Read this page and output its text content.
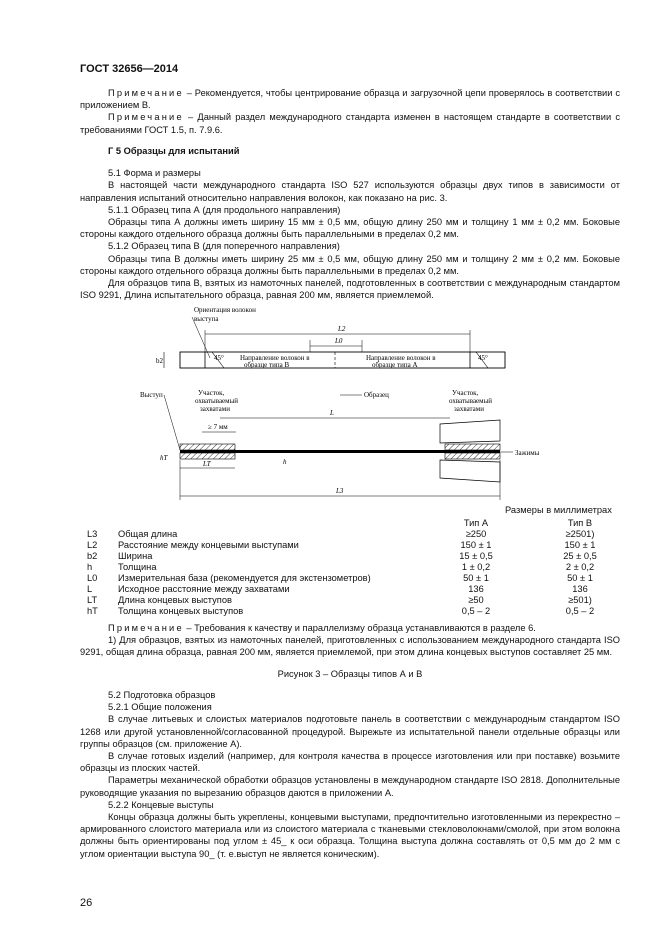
ГОСТ 32656—2014

Примечание – Рекомендуется, чтобы центрирование образца и загрузочной цепи проверялось в соответствии с приложением В.

Примечание – Данный раздел международного стандарта изменен в настоящем стандарте в соответствии с требованиями ГОСТ 1.5, п. 7.9.6.

Г 5 Образцы для испытаний

5.1 Форма и размеры

В настоящей части международного стандарта ISO 527 используются образцы двух типов в зависимости от направления испытаний относительно направления волокон, как показано на рис. 3.

5.1.1 Образец типа А (для продольного направления)

Образцы типа А должны иметь ширину 15 мм ± 0,5 мм, общую длину 250 мм и толщину 1 мм ± 0,2 мм. Боковые стороны каждого отдельного образца должны быть параллельными в пределах 0,2 мм.

5.1.2 Образец типа В (для поперечного направления)

Образцы типа В должны иметь ширину 25 мм ± 0,5 мм, общую длину 250 мм и толщину 2 мм ± 0,2 мм. Боковые стороны каждого отдельного образца должны быть параллельными в пределах 0,2 мм.

Для образцов типа В, взятых из намоточных панелей, подготовленных в соответствии с международным стандартом ISO 9291, Длина испытательного образца, равная 200 мм, является приемлемой.

45°	45°
Направление волокон в
образце типа В
Направление волокон в
образце типа А
b2
L2
L0
Ориентация волокон
выступа
Выступ	Участок,
охватываемый
захватами
Образец	Участок,
охватываемый
захватами
L
≥ 7 мм
Зажимы
hT	h
LT
L3
Размеры в миллиметрах
Тип А	Тип В
L3 Общая длина	≥250	≥2501)
L2 Расстояние между концевыми выступами	150 ± 1	150 ± 1
b2 Ширина	15 ± 0,5	25 ± 0,5
h	Толщина	1 ± 0,2	2 ± 0,2
L0 Измерительная база (рекомендуется для экстензометров)	50 ± 1	50 ± 1
L	Исходное расстояние между захватами	136	136
LT Длина концевых выступов	≥50	≥501)
hT Толщина концевых выступов	0,5 – 2	0,5 – 2

Примечание – Требования к качеству и параллелизму образца устанавливаются в разделе 6.

1) Для образцов, взятых из намоточных панелей, приготовленных с использованием международного стандарта ISO 9291, общая длина образца, равная 200 мм, является приемлемой, при этом длина концевых выступов составляет 25 мм.

Рисунок 3 – Образцы типов А и В

5.2 Подготовка образцов

5.2.1 Общие положения

В случае литьевых и слоистых материалов подготовьте панель в соответствии с международным стандартом ISO 1268 или другой установленной/согласованной процедурой. Вырежьте из испытательной панели отдельные образцы или группы образцов (см. приложение А).

В случае готовых изделий (например, для контроля качества в процессе изготовления или при поставке) возьмите образцы из плоских частей.

Параметры механической обработки образцов установлены в международном стандарте ISO 2818. Дополнительные руководящие указания по вырезанию образцов даются в приложении А.

5.2.2 Концевые выступы

Концы образца должны быть укреплены, концевыми выступами, предпочтительно изготовленными из перекрестно – армированного слоистого материала или из слоистого материала с тканевыми стекловолокнами/смолой, при этом волокна должны быть ориентированы под углом ± 45_ к оси образца. Толщина выступа должна составлять от 0,5 мм до 2 мм с углом ориентации выступа 90_ (т. е.выступ не является коническим).

26
